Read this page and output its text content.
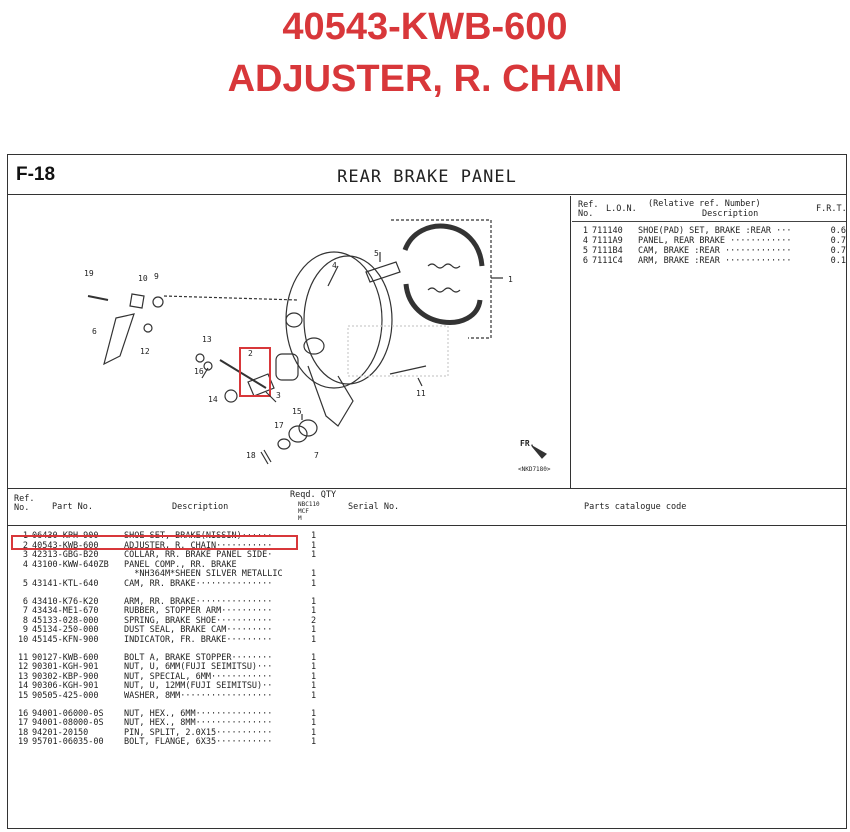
40543-KWB-600
ADJUSTER, R. CHAIN
F-18	REAR BRAKE PANEL
19
10 9
6
12
13
16
14
2
3
4
5
1
17
15
18	7
11
FR.
<NKD7180>
Ref.
No.	L.O.N. (Relative ref. Number)
Description	F.R.T.
1 711140 SHOE(PAD) SET, BRAKE :REAR ···	0.6
4 7111A9 PANEL, REAR BRAKE ············	0.7
5 7111B4 CAM, BRAKE :REAR ·············	0.7
6 7111C4 ARM, BRAKE :REAR ·············	0.1
Ref.
No.	Part No.	Description
Reqd. QTY
NBC110
MCF
M
Serial No.	Parts catalogue code
1 06430-KPH-900	SHOE SET, BRAKE(NISSIN)······	1
2 40543-KWB-600	ADJUSTER, R. CHAIN···········	1
3 42313-GBG-B20	COLLAR, RR. BRAKE PANEL SIDE·	1
4 43100-KWW-640ZB PANEL COMP., RR. BRAKE
*NH364M*SHEEN SILVER METALLIC	1
5 43141-KTL-640	CAM, RR. BRAKE···············	1
6 43410-K76-K20	ARM, RR. BRAKE···············	1
7 43434-ME1-670	RUBBER, STOPPER ARM··········	1
8 45133-028-000	SPRING, BRAKE SHOE···········	2
9 45134-250-000	DUST SEAL, BRAKE CAM·········	1
10 45145-KFN-900	INDICATOR, FR. BRAKE·········	1
11 90127-KWB-600	BOLT A, BRAKE STOPPER········	1
12 90301-KGH-901	NUT, U, 6MM(FUJI SEIMITSU)···	1
13 90302-KBP-900	NUT, SPECIAL, 6MM············	1
14 90306-KGH-901	NUT, U, 12MM(FUJI SEIMITSU)··	1
15 90505-425-000	WASHER, 8MM··················	1
16 94001-06000-0S NUT, HEX., 6MM···············	1
17 94001-08000-0S NUT, HEX., 8MM···············	1
18 94201-20150	PIN, SPLIT, 2.0X15···········	1
19 95701-06035-00 BOLT, FLANGE, 6X35···········	1
